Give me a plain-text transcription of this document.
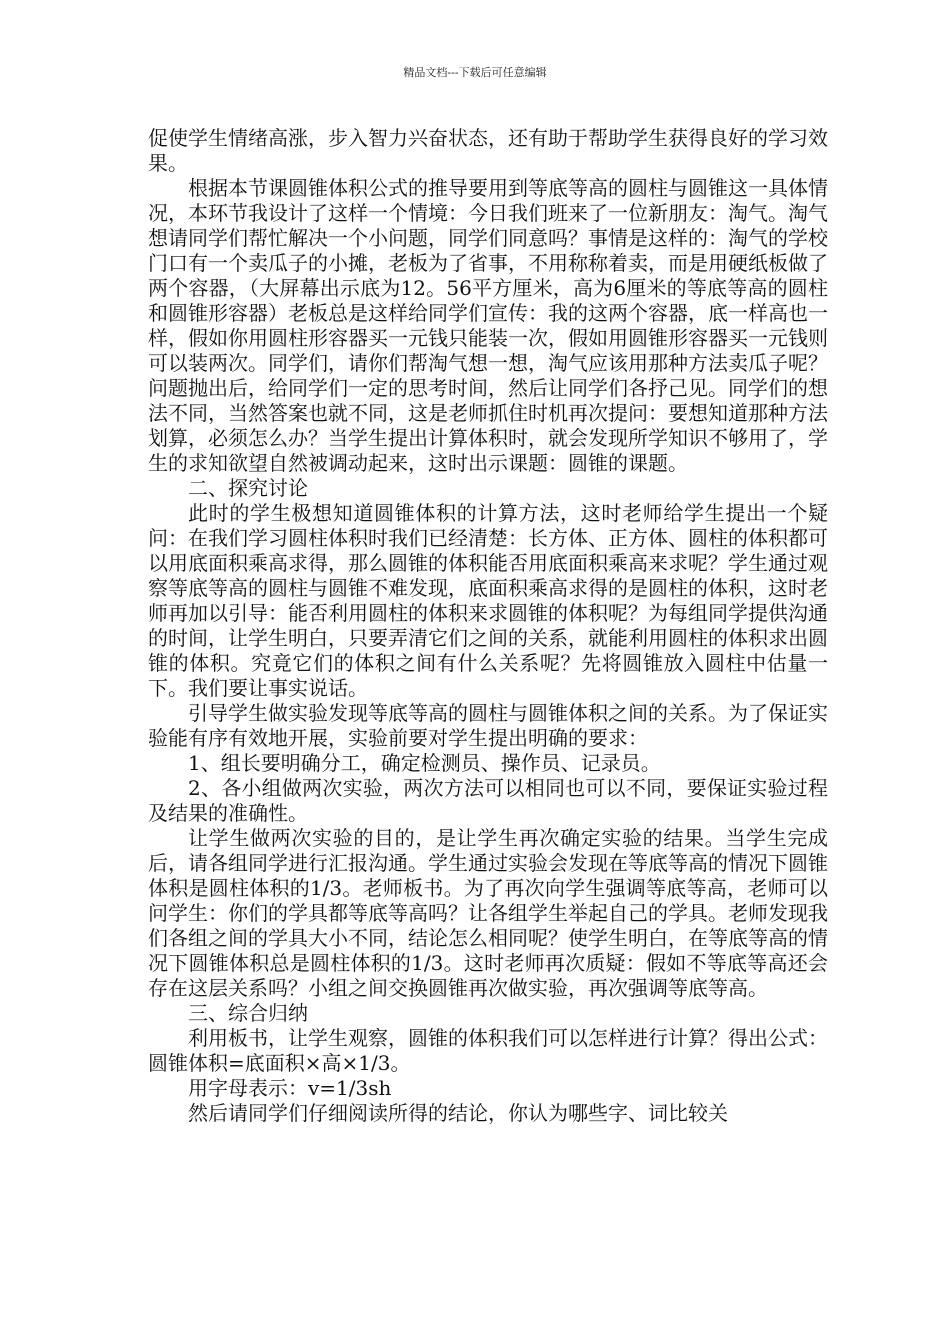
精品文档---下载后可任意编辑

促使学生情绪高涨，步入智力兴奋状态，还有助于帮助学生获得良好的学习效果。

根据本节课圆锥体积公式的推导要用到等底等高的圆柱与圆锥这一具体情况，本环节我设计了这样一个情境：今日我们班来了一位新朋友：淘气。淘气想请同学们帮忙解决一个小问题，同学们同意吗？事情是这样的：淘气的学校门口有一个卖瓜子的小摊，老板为了省事，不用称称着卖，而是用硬纸板做了两个容器，（大屏幕出示底为12。56平方厘米，高为6厘米的等底等高的圆柱和圆锥形容器）老板总是这样给同学们宣传：我的这两个容器，底一样高也一样，假如你用圆柱形容器买一元钱只能装一次，假如用圆锥形容器买一元钱则可以装两次。同学们，请你们帮淘气想一想，淘气应该用那种方法卖瓜子呢？问题抛出后，给同学们一定的思考时间，然后让同学们各抒己见。同学们的想法不同，当然答案也就不同，这是老师抓住时机再次提问：要想知道那种方法划算，必须怎么办？当学生提出计算体积时，就会发现所学知识不够用了，学生的求知欲望自然被调动起来，这时出示课题：圆锥的课题。

二、探究讨论

此时的学生极想知道圆锥体积的计算方法，这时老师给学生提出一个疑问：在我们学习圆柱体积时我们已经清楚：长方体、正方体、圆柱的体积都可以用底面积乘高求得，那么圆锥的体积能否用底面积乘高来求呢？学生通过观察等底等高的圆柱与圆锥不难发现，底面积乘高求得的是圆柱的体积，这时老师再加以引导：能否利用圆柱的体积来求圆锥的体积呢？为每组同学提供沟通的时间，让学生明白，只要弄清它们之间的关系，就能利用圆柱的体积求出圆锥的体积。究竟它们的体积之间有什么关系呢？先将圆锥放入圆柱中估量一下。我们要让事实说话。

引导学生做实验发现等底等高的圆柱与圆锥体积之间的关系。为了保证实验能有序有效地开展，实验前要对学生提出明确的要求：

1、组长要明确分工，确定检测员、操作员、记录员。

2、各小组做两次实验，两次方法可以相同也可以不同，要保证实验过程及结果的准确性。

让学生做两次实验的目的，是让学生再次确定实验的结果。当学生完成后，请各组同学进行汇报沟通。学生通过实验会发现在等底等高的情况下圆锥体积是圆柱体积的1/3。老师板书。为了再次向学生强调等底等高，老师可以问学生：你们的学具都等底等高吗？让各组学生举起自己的学具。老师发现我们各组之间的学具大小不同，结论怎么相同呢？使学生明白，在等底等高的情况下圆锥体积总是圆柱体积的1/3。这时老师再次质疑：假如不等底等高还会存在这层关系吗？小组之间交换圆锥再次做实验，再次强调等底等高。

三、综合归纳

利用板书，让学生观察，圆锥的体积我们可以怎样进行计算？得出公式：圆锥体积=底面积×高×1/3。

用字母表示：v=1/3sh

然后请同学们仔细阅读所得的结论，你认为哪些字、词比较关
